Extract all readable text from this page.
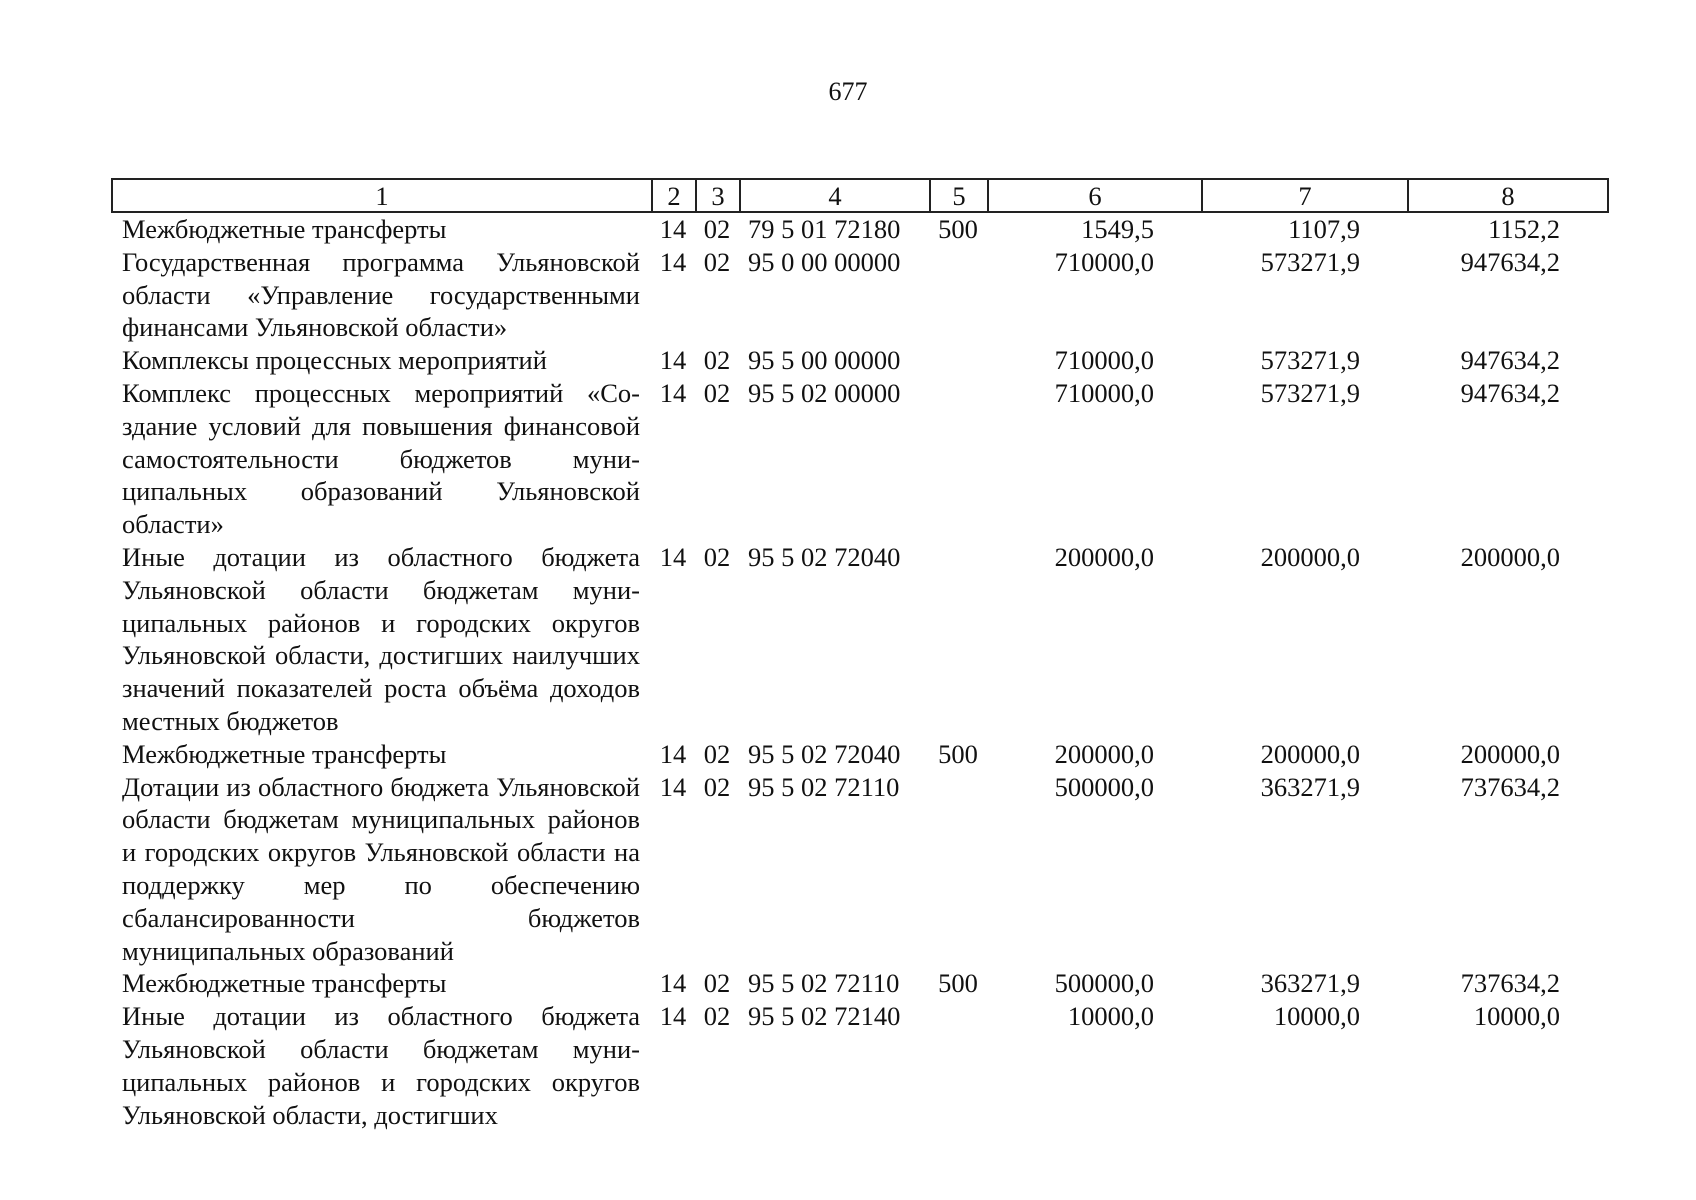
677
1	2	3	4	5	6	7	8
Межбюджетные трансферты	14	02	79 5 01 72180	500	1549,5	1107,9	1152,2
Государственная программа Ульяновской области «Управление государственными финансами Ульяновской области»	14	02	95 0 00 00000		710000,0	573271,9	947634,2
Комплексы процессных мероприятий	14	02	95 5 00 00000		710000,0	573271,9	947634,2
Комплекс процессных мероприятий «Создание условий для повышения финансовой самостоятельности бюджетов муниципальных образований Ульяновской области»	14	02	95 5 02 00000		710000,0	573271,9	947634,2
Иные дотации из областного бюджета Ульяновской области бюджетам муниципальных районов и городских округов Ульяновской области, достигших наилучших значений показателей роста объёма доходов местных бюджетов	14	02	95 5 02 72040		200000,0	200000,0	200000,0
Межбюджетные трансферты	14	02	95 5 02 72040	500	200000,0	200000,0	200000,0
Дотации из областного бюджета Ульяновской области бюджетам муниципальных районов и городских округов Ульяновской области на поддержку мер по обеспечению сбалансированности бюджетов муниципальных образований	14	02	95 5 02 72110		500000,0	363271,9	737634,2
Межбюджетные трансферты	14	02	95 5 02 72110	500	500000,0	363271,9	737634,2
Иные дотации из областного бюджета Ульяновской области бюджетам муниципальных районов и городских округов Ульяновской области, достигших	14	02	95 5 02 72140		10000,0	10000,0	10000,0
